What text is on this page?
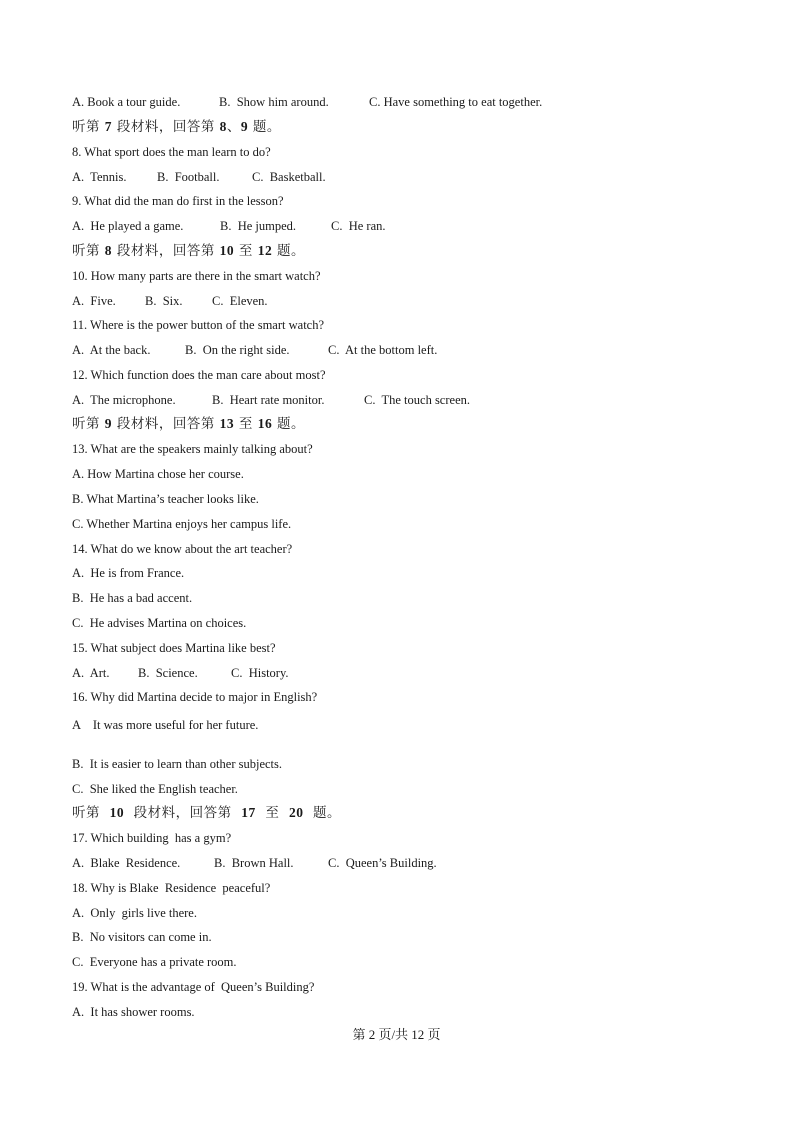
A. Book a tour guide.	B.  Show him around.	C. Have something to eat together.
听第 7 段材料，回答第 8、9 题。
8. What sport does the man learn to do?
A.  Tennis. B.  Football.	C.  Basketball.
9. What did the man do first in the lesson?
A.  He played a game.	B.  He jumped.	C.  He ran.
听第 8 段材料，回答第 10 至 12 题。
10. How many parts are there in the smart watch?
A.  Five. B.  Six. C.  Eleven.
11. Where is the power button of the smart watch?
A.  At the back.	B.  On the right side.	C.  At the bottom left.
12. Which function does the man care about most?
A.  The microphone.	B.  Heart rate monitor.	C.  The touch screen.
听第 9 段材料，回答第 13 至 16 题。
13. What are the speakers mainly talking about?
A. How Martina chose her course.
B. What Martina’s teacher looks like.
C. Whether Martina enjoys her campus life.
14. What do we know about the art teacher?
A.  He is from France.
B.  He has a bad accent.
C.  He advises Martina on choices.
15. What subject does Martina like best?
A.  Art. B.  Science.	C.  History.
16. Why did Martina decide to major in English?
A    It was more useful for her future.
B.  It is easier to learn than other subjects.
C.  She liked the English teacher.
听第  10  段材料，回答第  17  至  20  题。
17. Which building  has a gym?
A.  Blake  Residence.	B.  Brown Hall.	C.  Queen’s Building.
18. Why is Blake  Residence  peaceful?
A.  Only  girls live there.
B.  No visitors can come in.
C.  Everyone has a private room.
19. What is the advantage of  Queen’s Building?
A.  It has shower rooms.
第 2 页/共 12 页
